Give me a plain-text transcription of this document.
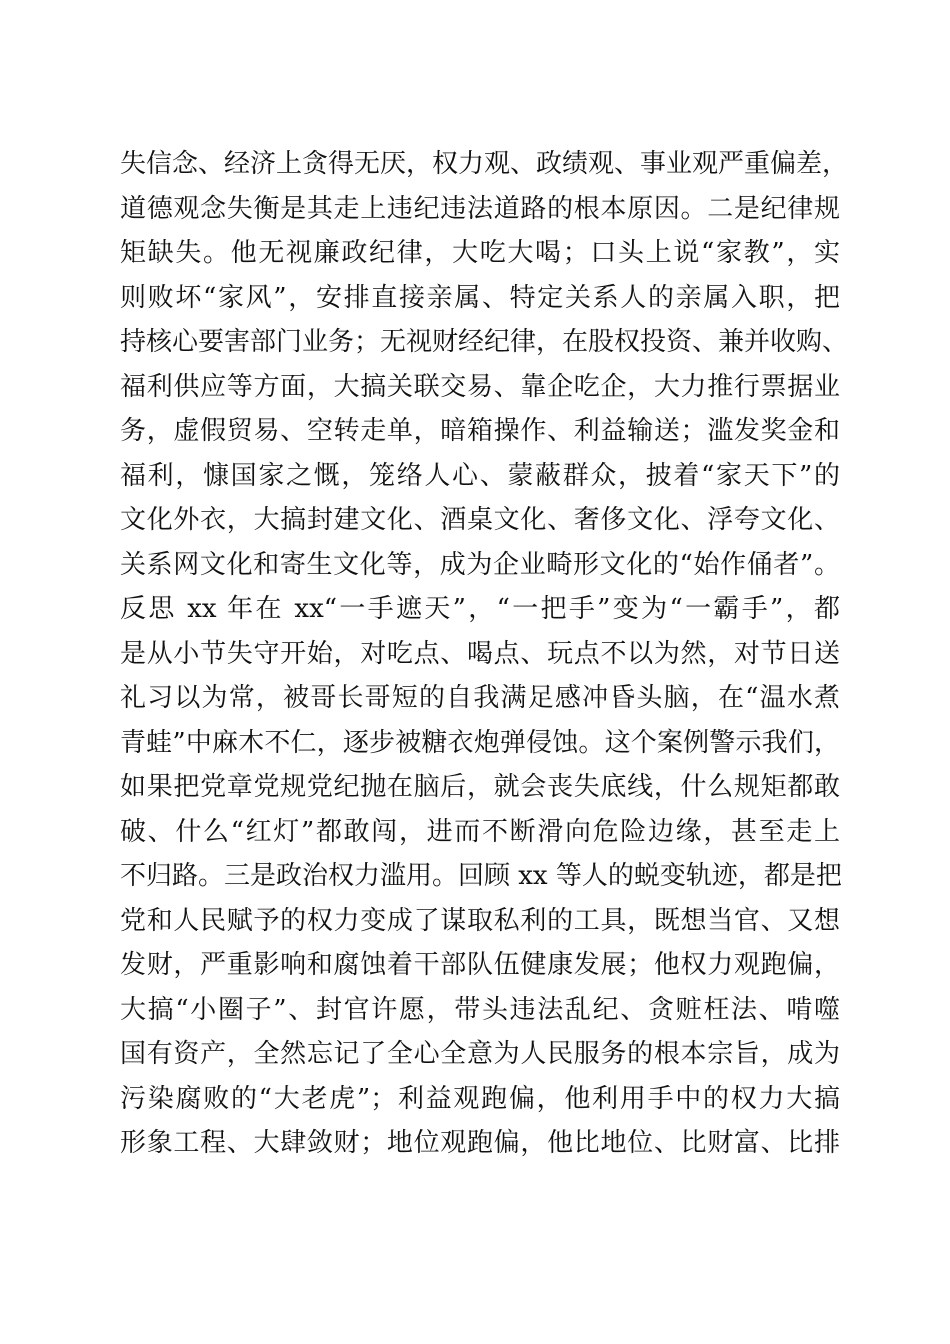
失信念、经济上贪得无厌，权力观、政绩观、事业观严重偏差，
道德观念失衡是其走上违纪违法道路的根本原因。二是纪律规
矩缺失。他无视廉政纪律，大吃大喝；口头上说“家教”，实
则败坏“家风”，安排直接亲属、特定关系人的亲属入职，把
持核心要害部门业务；无视财经纪律，在股权投资、兼并收购、
福利供应等方面，大搞关联交易、靠企吃企，大力推行票据业
务，虚假贸易、空转走单，暗箱操作、利益输送；滥发奖金和
福利，慷国家之慨，笼络人心、蒙蔽群众，披着“家天下”的
文化外衣，大搞封建文化、酒桌文化、奢侈文化、浮夸文化、
关系网文化和寄生文化等，成为企业畸形文化的“始作俑者”。
反思 xx 年在 xx“一手遮天”，“一把手”变为“一霸手”，都
是从小节失守开始，对吃点、喝点、玩点不以为然，对节日送
礼习以为常，被哥长哥短的自我满足感冲昏头脑，在“温水煮
青蛙”中麻木不仁，逐步被糖衣炮弹侵蚀。这个案例警示我们，
如果把党章党规党纪抛在脑后，就会丧失底线，什么规矩都敢
破、什么“红灯”都敢闯，进而不断滑向危险边缘，甚至走上
不归路。三是政治权力滥用。回顾 xx 等人的蜕变轨迹，都是把
党和人民赋予的权力变成了谋取私利的工具，既想当官、又想
发财，严重影响和腐蚀着干部队伍健康发展；他权力观跑偏，
大搞“小圈子”、封官许愿，带头违法乱纪、贪赃枉法、啃噬
国有资产，全然忘记了全心全意为人民服务的根本宗旨，成为
污染腐败的“大老虎”；利益观跑偏，他利用手中的权力大搞
形象工程、大肆敛财；地位观跑偏，他比地位、比财富、比排
